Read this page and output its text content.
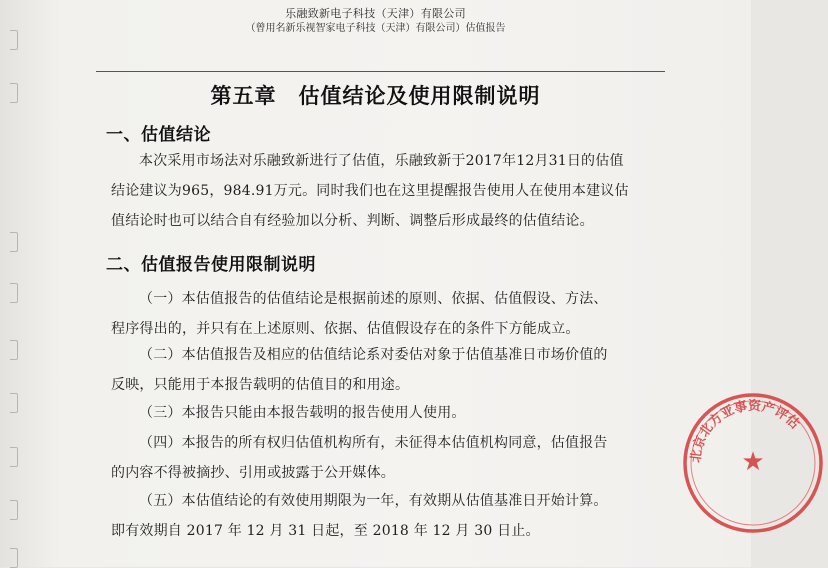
乐融致新电子科技（天津）有限公司
（曾用名新乐视智家电子科技（天津）有限公司）估值报告
第五章　估值结论及使用限制说明
一、估值结论
本次采用市场法对乐融致新进行了估值，乐融致新于2017年12月31日的估值
结论建议为965，984.91万元。同时我们也在这里提醒报告使用人在使用本建议估
值结论时也可以结合自有经验加以分析、判断、调整后形成最终的估值结论。
二、估值报告使用限制说明
（一）本估值报告的估值结论是根据前述的原则、依据、估值假设、方法、
程序得出的，并只有在上述原则、依据、估值假设存在的条件下方能成立。
（二）本估值报告及相应的估值结论系对委估对象于估值基准日市场价值的
反映，只能用于本报告载明的估值目的和用途。
（三）本报告只能由本报告载明的报告使用人使用。
（四）本报告的所有权归估值机构所有，未征得本估值机构同意，估值报告
的内容不得被摘抄、引用或披露于公开媒体。
（五）本估值结论的有效使用期限为一年，有效期从估值基准日开始计算。
即有效期自 2017 年 12 月 31 日起，至 2018 年 12 月 30 日止。
北京北方亚事资产评估
★
